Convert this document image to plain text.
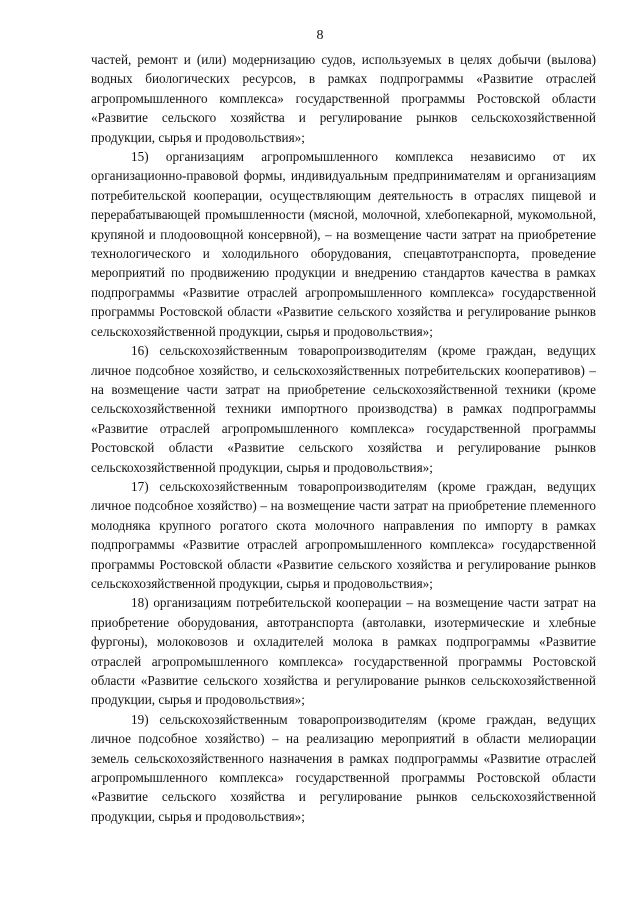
8

частей, ремонт и (или) модернизацию судов, используемых в целях добычи (вылова) водных биологических ресурсов, в рамках подпрограммы «Развитие отраслей агропромышленного комплекса» государственной программы Ростовской области «Развитие сельского хозяйства и регулирование рынков сельскохозяйственной продукции, сырья и продовольствия»;

15) организациям агропромышленного комплекса независимо от их организационно-правовой формы, индивидуальным предпринимателям и организациям потребительской кооперации, осуществляющим деятельность в отраслях пищевой и перерабатывающей промышленности (мясной, молочной, хлебопекарной, мукомольной, крупяной и плодоовощной консервной), – на возмещение части затрат на приобретение технологического и холодильного оборудования, спецавтотранспорта, проведение мероприятий по продвижению продукции и внедрению стандартов качества в рамках подпрограммы «Развитие отраслей агропромышленного комплекса» государственной программы Ростовской области «Развитие сельского хозяйства и регулирование рынков сельскохозяйственной продукции, сырья и продовольствия»;

16) сельскохозяйственным товаропроизводителям (кроме граждан, ведущих личное подсобное хозяйство, и сельскохозяйственных потребительских кооперативов) – на возмещение части затрат на приобретение сельскохозяйственной техники (кроме сельскохозяйственной техники импортного производства) в рамках подпрограммы «Развитие отраслей агропромышленного комплекса» государственной программы Ростовской области «Развитие сельского хозяйства и регулирование рынков сельскохозяйственной продукции, сырья и продовольствия»;

17) сельскохозяйственным товаропроизводителям (кроме граждан, ведущих личное подсобное хозяйство) – на возмещение части затрат на приобретение племенного молодняка крупного рогатого скота молочного направления по импорту в рамках подпрограммы «Развитие отраслей агропромышленного комплекса» государственной программы Ростовской области «Развитие сельского хозяйства и регулирование рынков сельскохозяйственной продукции, сырья и продовольствия»;

18) организациям потребительской кооперации – на возмещение части затрат на приобретение оборудования, автотранспорта (автолавки, изотермические и хлебные фургоны), молоковозов и охладителей молока в рамках подпрограммы «Развитие отраслей агропромышленного комплекса» государственной программы Ростовской области «Развитие сельского хозяйства и регулирование рынков сельскохозяйственной продукции, сырья и продовольствия»;

19) сельскохозяйственным товаропроизводителям (кроме граждан, ведущих личное подсобное хозяйство) – на реализацию мероприятий в области мелиорации земель сельскохозяйственного назначения в рамках подпрограммы «Развитие отраслей агропромышленного комплекса» государственной программы Ростовской области «Развитие сельского хозяйства и регулирование рынков сельскохозяйственной продукции, сырья и продовольствия»;
